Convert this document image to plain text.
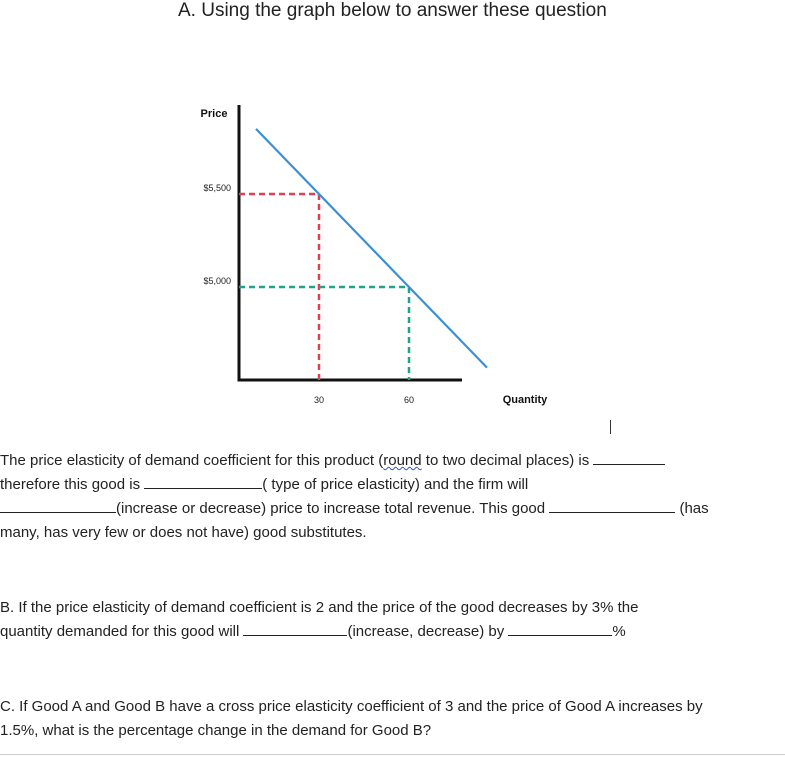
A. Using the graph below to answer these question
Price
Quantity
$5,500
$5,000
30	60
The price elasticity of demand coefficient for this product (round to two decimal places) is
therefore this good is	( type of price elasticity) and the firm will
(increase or decrease) price to increase total revenue. This good	(has
many, has very few or does not have) good substitutes.
B. If the price elasticity of demand coefficient is 2 and the price of the good decreases by 3% the
quantity demanded for this good will	(increase, decrease) by	%
C. If Good A and Good B have a cross price elasticity coefficient of 3 and the price of Good A increases by
1.5%, what is the percentage change in the demand for Good B?
